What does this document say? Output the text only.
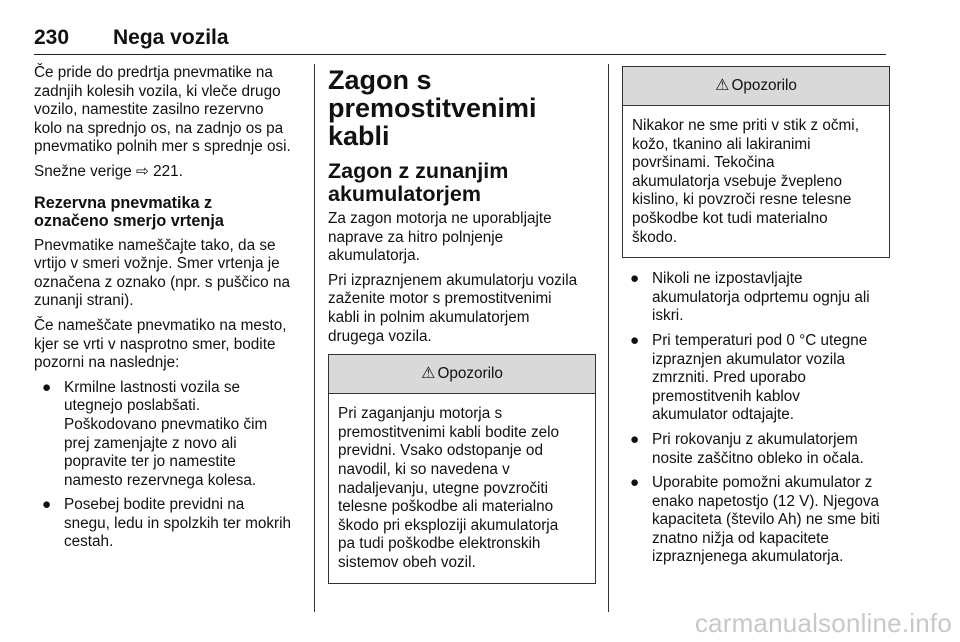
230 Nega vozila

Če pride do predrtja pnevmatike na
zadnjih kolesih vozila, ki vleče drugo
vozilo, namestite zasilno rezervno
kolo na sprednjo os, na zadnjo os pa
pnevmatiko polnih mer s sprednje osi.

Snežne verige ⇨ 221.

Rezervna pnevmatika z
označeno smerjo vrtenja

Pnevmatike nameščajte tako, da se
vrtijo v smeri vožnje. Smer vrtenja je
označena z oznako (npr. s puščico na
zunanji strani).

Če nameščate pnevmatiko na mesto,
kjer se vrti v nasprotno smer, bodite
pozorni na naslednje:

● Krmilne lastnosti vozila se
utegnejo poslabšati.
Poškodovano pnevmatiko čim
prej zamenjajte z novo ali
popravite ter jo namestite
namesto rezervnega kolesa.
● Posebej bodite previdni na
snegu, ledu in spolzkih ter mokrih
cestah.
Zagon s
premostitvenimi kabli
Zagon z zunanjim
akumulatorjem

Za zagon motorja ne uporabljajte
naprave za hitro polnjenje
akumulatorja.

Pri izpraznjenem akumulatorju vozila
zaženite motor s premostitvenimi
kabli in polnim akumulatorjem
drugega vozila.

⚠ Opozorilo
Pri zaganjanju motorja s
premostitvenimi kabli bodite zelo
previdni. Vsako odstopanje od
navodil, ki so navedena v
nadaljevanju, utegne povzročiti
telesne poškodbe ali materialno
škodo pri eksploziji akumulatorja
pa tudi poškodbe elektronskih
sistemov obeh vozil.
⚠ Opozorilo
Nikakor ne sme priti v stik z očmi,
kožo, tkanino ali lakiranimi
površinami. Tekočina
akumulatorja vsebuje žvepleno
kislino, ki povzroči resne telesne
poškodbe kot tudi materialno
škodo.
● Nikoli ne izpostavljajte
akumulatorja odprtemu ognju ali
iskri.
● Pri temperaturi pod 0 °C utegne
izpraznjen akumulator vozila
zmrzniti. Pred uporabo
premostitvenih kablov
akumulator odtajajte.
● Pri rokovanju z akumulatorjem
nosite zaščitno obleko in očala.
● Uporabite pomožni akumulator z
enako napetostjo (12 V). Njegova
kapaciteta (število Ah) ne sme biti
znatno nižja od kapacitete
izpraznjenega akumulatorja.
carmanualsonline.info
